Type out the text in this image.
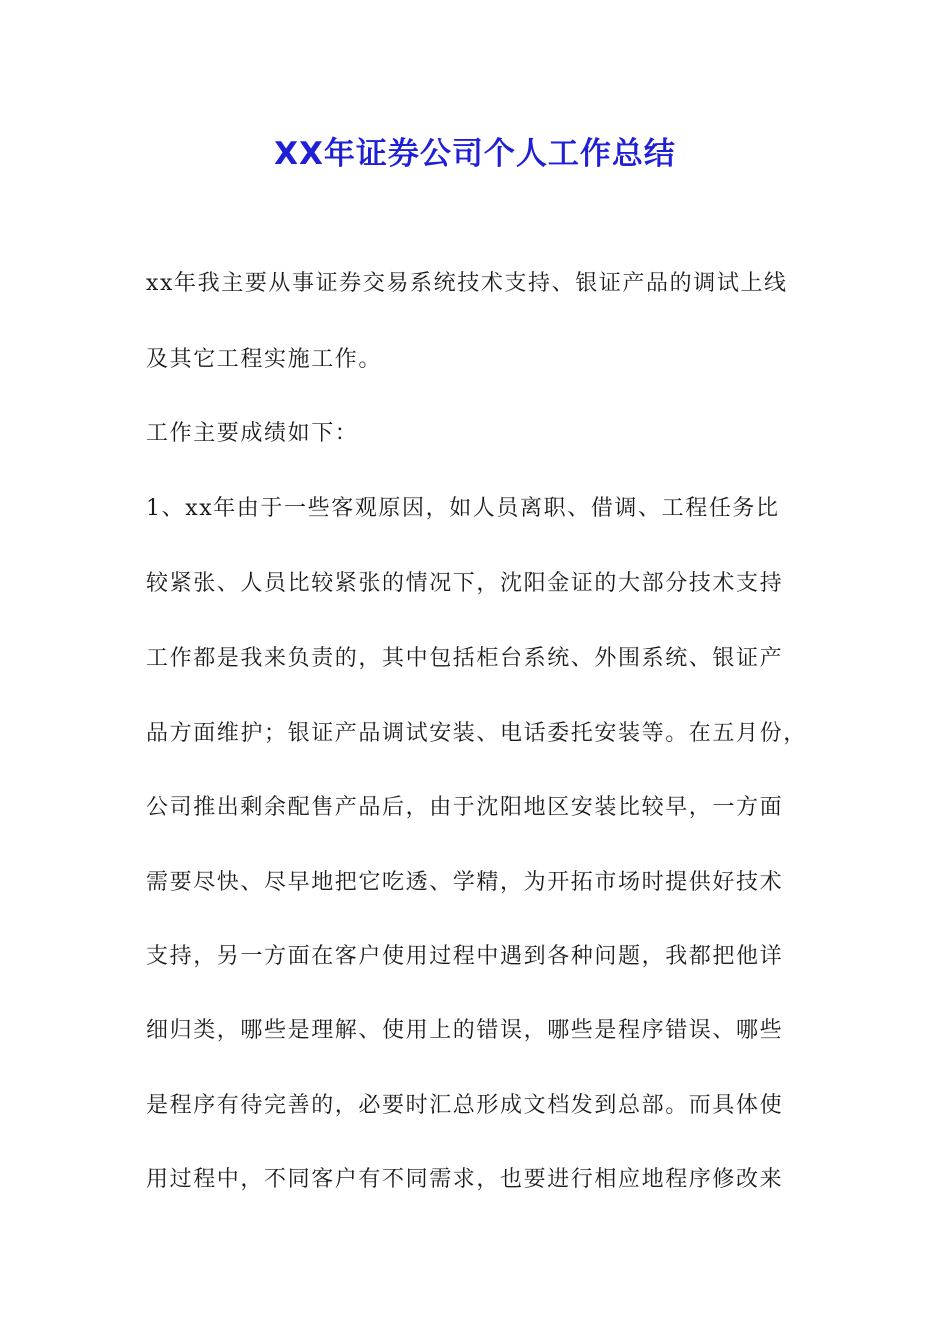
XX年证券公司个人工作总结

xx年我主要从事证券交易系统技术支持、银证产品的调试上线

及其它工程实施工作。

工作主要成绩如下：

1、xx年由于一些客观原因，如人员离职、借调、工程任务比

较紧张、人员比较紧张的情况下，沈阳金证的大部分技术支持

工作都是我来负责的，其中包括柜台系统、外围系统、银证产

品方面维护；银证产品调试安装、电话委托安装等。在五月份，

公司推出剩余配售产品后，由于沈阳地区安装比较早，一方面

需要尽快、尽早地把它吃透、学精，为开拓市场时提供好技术

支持，另一方面在客户使用过程中遇到各种问题，我都把他详

细归类，哪些是理解、使用上的错误，哪些是程序错误、哪些

是程序有待完善的，必要时汇总形成文档发到总部。而具体使

用过程中，不同客户有不同需求，也要进行相应地程序修改来
